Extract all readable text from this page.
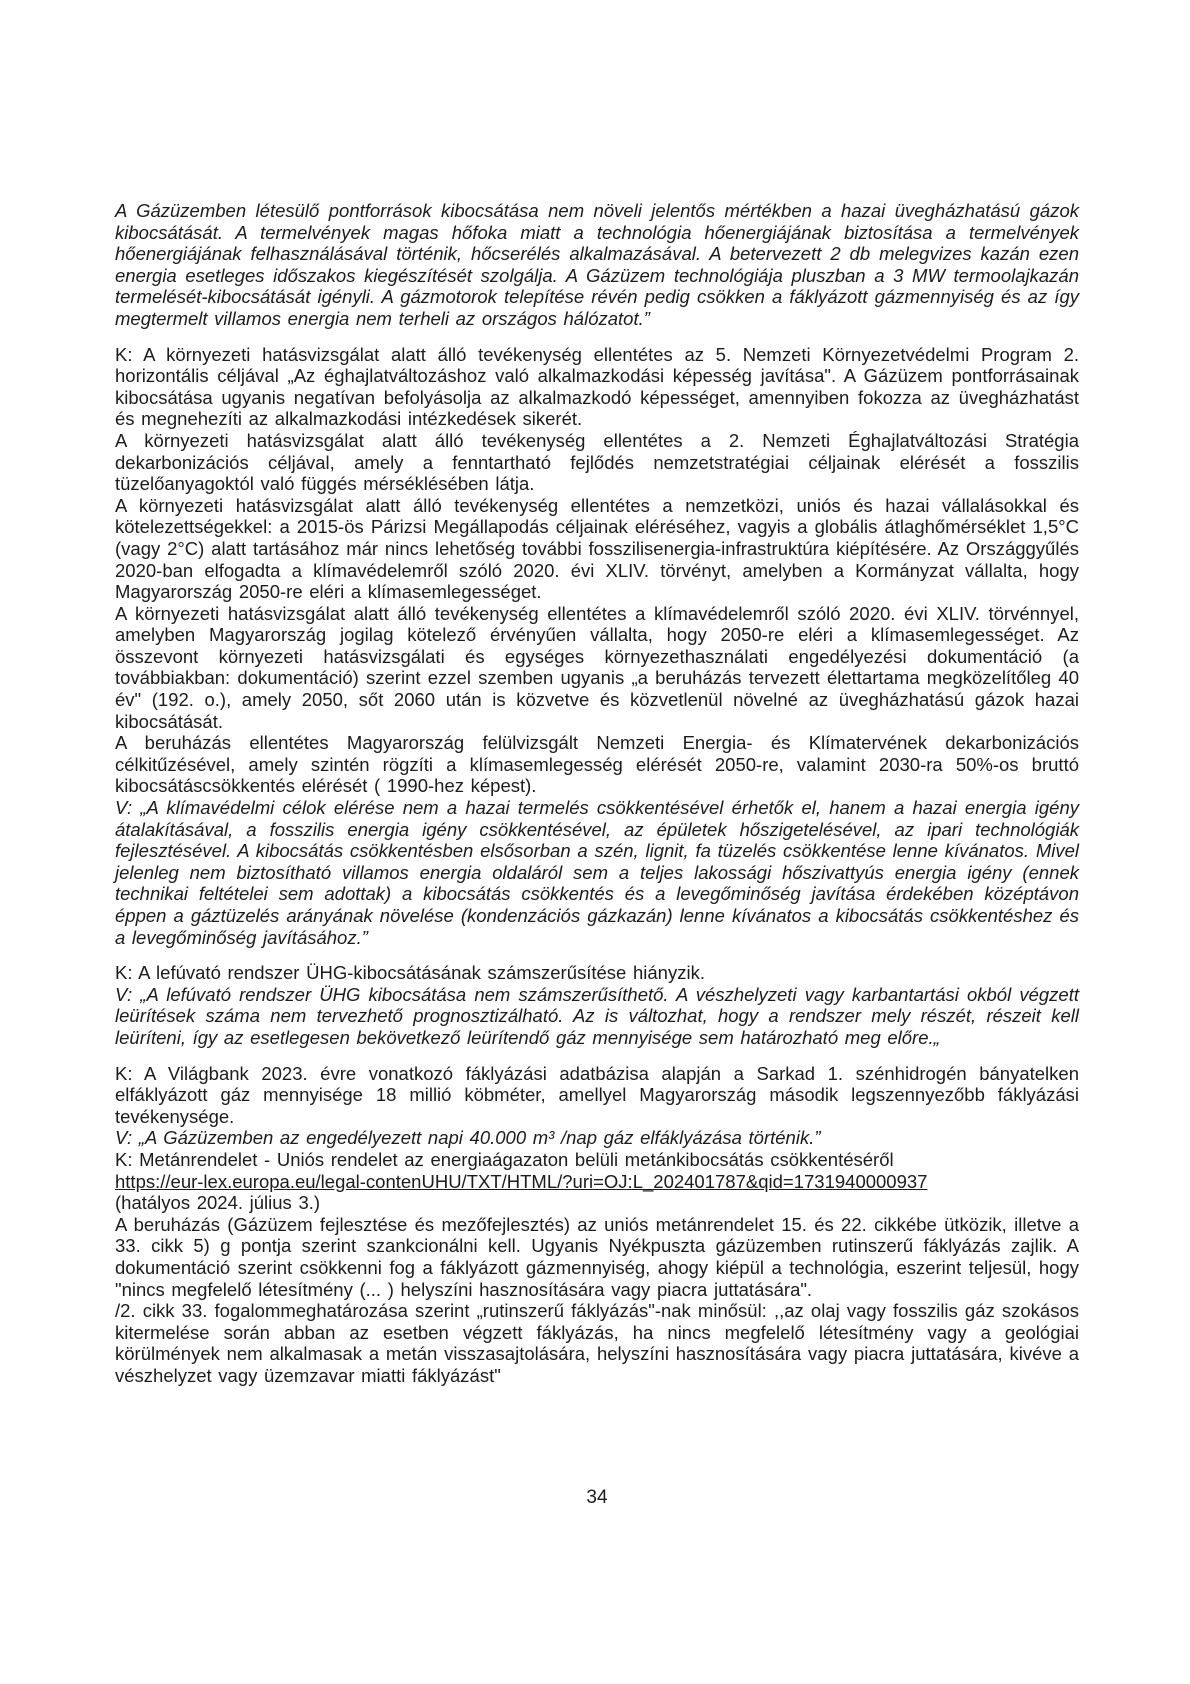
A Gázüzemben létesülő pontforrások kibocsátása nem növeli jelentős mértékben a hazai üvegházhatású gázok kibocsátását. A termelvények magas hőfoka miatt a technológia hőenergiájának biztosítása a termelvények hőenergiájának felhasználásával történik, hőcserélés alkalmazásával. A betervezett 2 db melegvizes kazán ezen energia esetleges időszakos kiegészítését szolgálja. A Gázüzem technológiája pluszban a 3 MW termoolajkazán termelését-kibocsátását igényli. A gázmotorok telepítése révén pedig csökken a fáklyázott gázmennyiség és az így megtermelt villamos energia nem terheli az országos hálózatot.”

K: A környezeti hatásvizsgálat alatt álló tevékenység ellentétes az 5. Nemzeti Környezetvédelmi Program 2. horizontális céljával „Az éghajlatváltozáshoz való alkalmazkodási képesség javítása". A Gázüzem pontforrásainak kibocsátása ugyanis negatívan befolyásolja az alkalmazkodó képességet, amennyiben fokozza az üvegházhatást és megnehezíti az alkalmazkodási intézkedések sikerét.

A környezeti hatásvizsgálat alatt álló tevékenység ellentétes a 2. Nemzeti Éghajlatváltozási Stratégia dekarbonizációs céljával, amely a fenntartható fejlődés nemzetstratégiai céljainak elérését a fosszilis tüzelőanyagoktól való függés mérséklésében látja.

A környezeti hatásvizsgálat alatt álló tevékenység ellentétes a nemzetközi, uniós és hazai vállalásokkal és kötelezettségekkel: a 2015-ös Párizsi Megállapodás céljainak eléréséhez, vagyis a globális átlaghőmérséklet 1,5°C (vagy 2°C) alatt tartásához már nincs lehetőség további fosszilisenergia-infrastruktúra kiépítésére. Az Országgyűlés 2020-ban elfogadta a klímavédelemről szóló 2020. évi XLIV. törvényt, amelyben a Kormányzat vállalta, hogy Magyarország 2050-re eléri a klímasemlegességet.

A környezeti hatásvizsgálat alatt álló tevékenység ellentétes a klímavédelemről szóló 2020. évi XLIV. törvénnyel, amelyben Magyarország jogilag kötelező érvényűen vállalta, hogy 2050-re eléri a klímasemlegességet. Az összevont környezeti hatásvizsgálati és egységes környezethasználati engedélyezési dokumentáció (a továbbiakban: dokumentáció) szerint ezzel szemben ugyanis „a beruházás tervezett élettartama megközelítőleg 40 év" (192. o.), amely 2050, sőt 2060 után is közvetve és közvetlenül növelné az üvegházhatású gázok hazai kibocsátását.

A beruházás ellentétes Magyarország felülvizsgált Nemzeti Energia- és Klímatervének dekarbonizációs célkitűzésével, amely szintén rögzíti a klímasemlegesség elérését 2050-re, valamint 2030-ra 50%-os bruttó kibocsátáscsökkentés elérését ( 1990-hez képest).

V: „A klímavédelmi célok elérése nem a hazai termelés csökkentésével érhetők el, hanem a hazai energia igény átalakításával, a fosszilis energia igény csökkentésével, az épületek hőszigetelésével, az ipari technológiák fejlesztésével. A kibocsátás csökkentésben elsősorban a szén, lignit, fa tüzelés csökkentése lenne kívánatos. Mivel jelenleg nem biztosítható villamos energia oldaláról sem a teljes lakossági hőszivattyús energia igény (ennek technikai feltételei sem adottak) a kibocsátás csökkentés és a levegőminőség javítása érdekében középtávon éppen a gáztüzelés arányának növelése (kondenzációs gázkazán) lenne kívánatos a kibocsátás csökkentéshez és a levegőminőség javításához.”

K: A lefúvató rendszer ÜHG-kibocsátásának számszerűsítése hiányzik.

V: „A lefúvató rendszer ÜHG kibocsátása nem számszerűsíthető. A vészhelyzeti vagy karbantartási okból végzett leürítések száma nem tervezhető prognosztizálható. Az is változhat, hogy a rendszer mely részét, részeit kell leüríteni, így az esetlegesen bekövetkező leürítendő gáz mennyisége sem határozható meg előre.„

K: A Világbank 2023. évre vonatkozó fáklyázási adatbázisa alapján a Sarkad 1. szénhidrogén bányatelken elfáklyázott gáz mennyisége 18 millió köbméter, amellyel Magyarország második legszennyezőbb fáklyázási tevékenysége.

V: „A Gázüzemben az engedélyezett napi 40.000 m³ /nap gáz elfáklyázása történik.”

K: Metánrendelet - Uniós rendelet az energiaágazaton belüli metánkibocsátás csökkentéséről

https://eur-lex.europa.eu/legal-contenUHU/TXT/HTML/?uri=OJ:L_202401787&qid=1731940000937

(hatályos 2024. július 3.)

A beruházás (Gázüzem fejlesztése és mezőfejlesztés) az uniós metánrendelet 15. és 22. cikkébe ütközik, illetve a 33. cikk 5) g pontja szerint szankcionálni kell. Ugyanis Nyékpuszta gázüzemben rutinszerű fáklyázás zajlik. A dokumentáció szerint csökkenni fog a fáklyázott gázmennyiség, ahogy kiépül a technológia, eszerint teljesül, hogy "nincs megfelelő létesítmény (... ) helyszíni hasznosítására vagy piacra juttatására".

/2. cikk 33. fogalommeghatározása szerint „rutinszerű fáklyázás"-nak minősül: ,,az olaj vagy fosszilis gáz szokásos kitermelése során abban az esetben végzett fáklyázás, ha nincs megfelelő létesítmény vagy a geológiai körülmények nem alkalmasak a metán visszasajtolására, helyszíni hasznosítására vagy piacra juttatására, kivéve a vészhelyzet vagy üzemzavar miatti fáklyázást"

34
